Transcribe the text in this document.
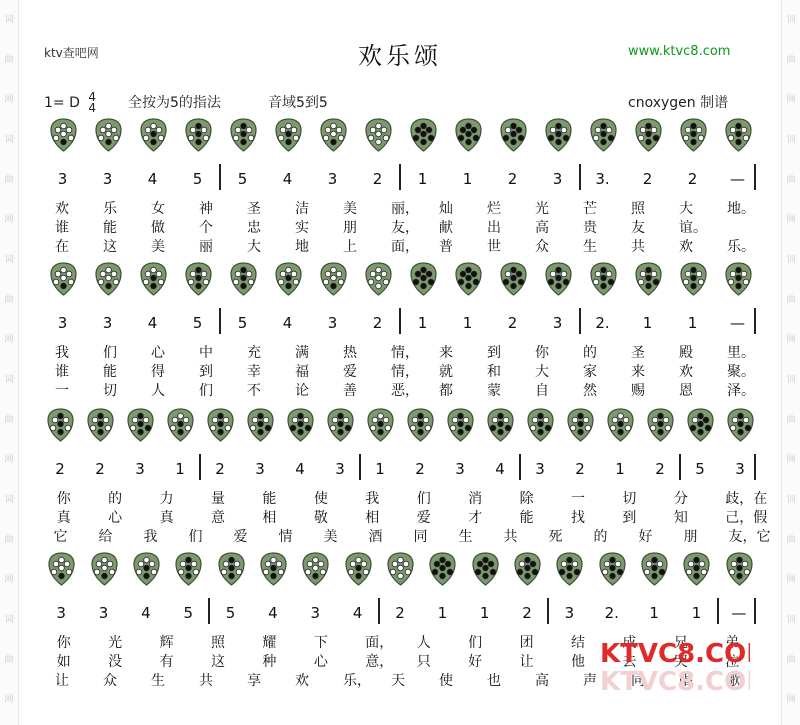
词
曲
网
词
曲
网
词
曲
网
词
曲
网
词
曲
网
词
曲
网
词
曲
网
词
曲
网
词
曲
网
词
曲
网
词
曲
网
词
曲
网
ktv查吧网	欢乐颂	www.ktvc8.com
1= D 4
4 全按为5的指法	音域5到5	cnoxygen 制谱
3 3 4 5 5 4 3 2 1 1 2 3 3. 2 2 —
欢 乐 女 神 圣 洁 美 丽， 灿 烂 光 芒 照 大 地。
谁 能 做 个 忠 实 朋 友， 献 出 高 贵 友 谊。
在 这 美 丽 大 地 上 面， 普 世 众 生 共 欢 乐。
3 3 4 5 5 4 3 2 1 1 2 3 2. 1 1 —
我 们 心 中 充 满 热 情， 来 到 你 的 圣 殿 里。
谁 能 得 到 幸 福 爱 情， 就 和 大 家 来 欢 聚。
一 切 人 们 不 论 善 恶， 都 蒙 自 然 赐 恩 泽。
2 2 3 1 2 3 4 3 1 2 3 4 3 2 1 2 5 3
你	的	力	量	能	使	我	们	消	除	一	切	分	歧，在
真	心	真	意	相	敬	相	爱	才	能	找	到	知	己，假
它 给 我 们 爱 情 美 酒 同 生 共 死 的 好 朋 友，它
3 3 4 5 5 4 3 4 2 1 1 2 3 2. 1 1 —
你	光	辉	照	耀	下	面， 人	们	团	结	成	兄	弟
如	没	有	这	种	心	意， 只	好	让	他	去	哭	泣
让 众 生 共 享 欢 乐， 天 使 也 高 声 同 唱 歌
KTVC8.CO
KTVC8.CO
